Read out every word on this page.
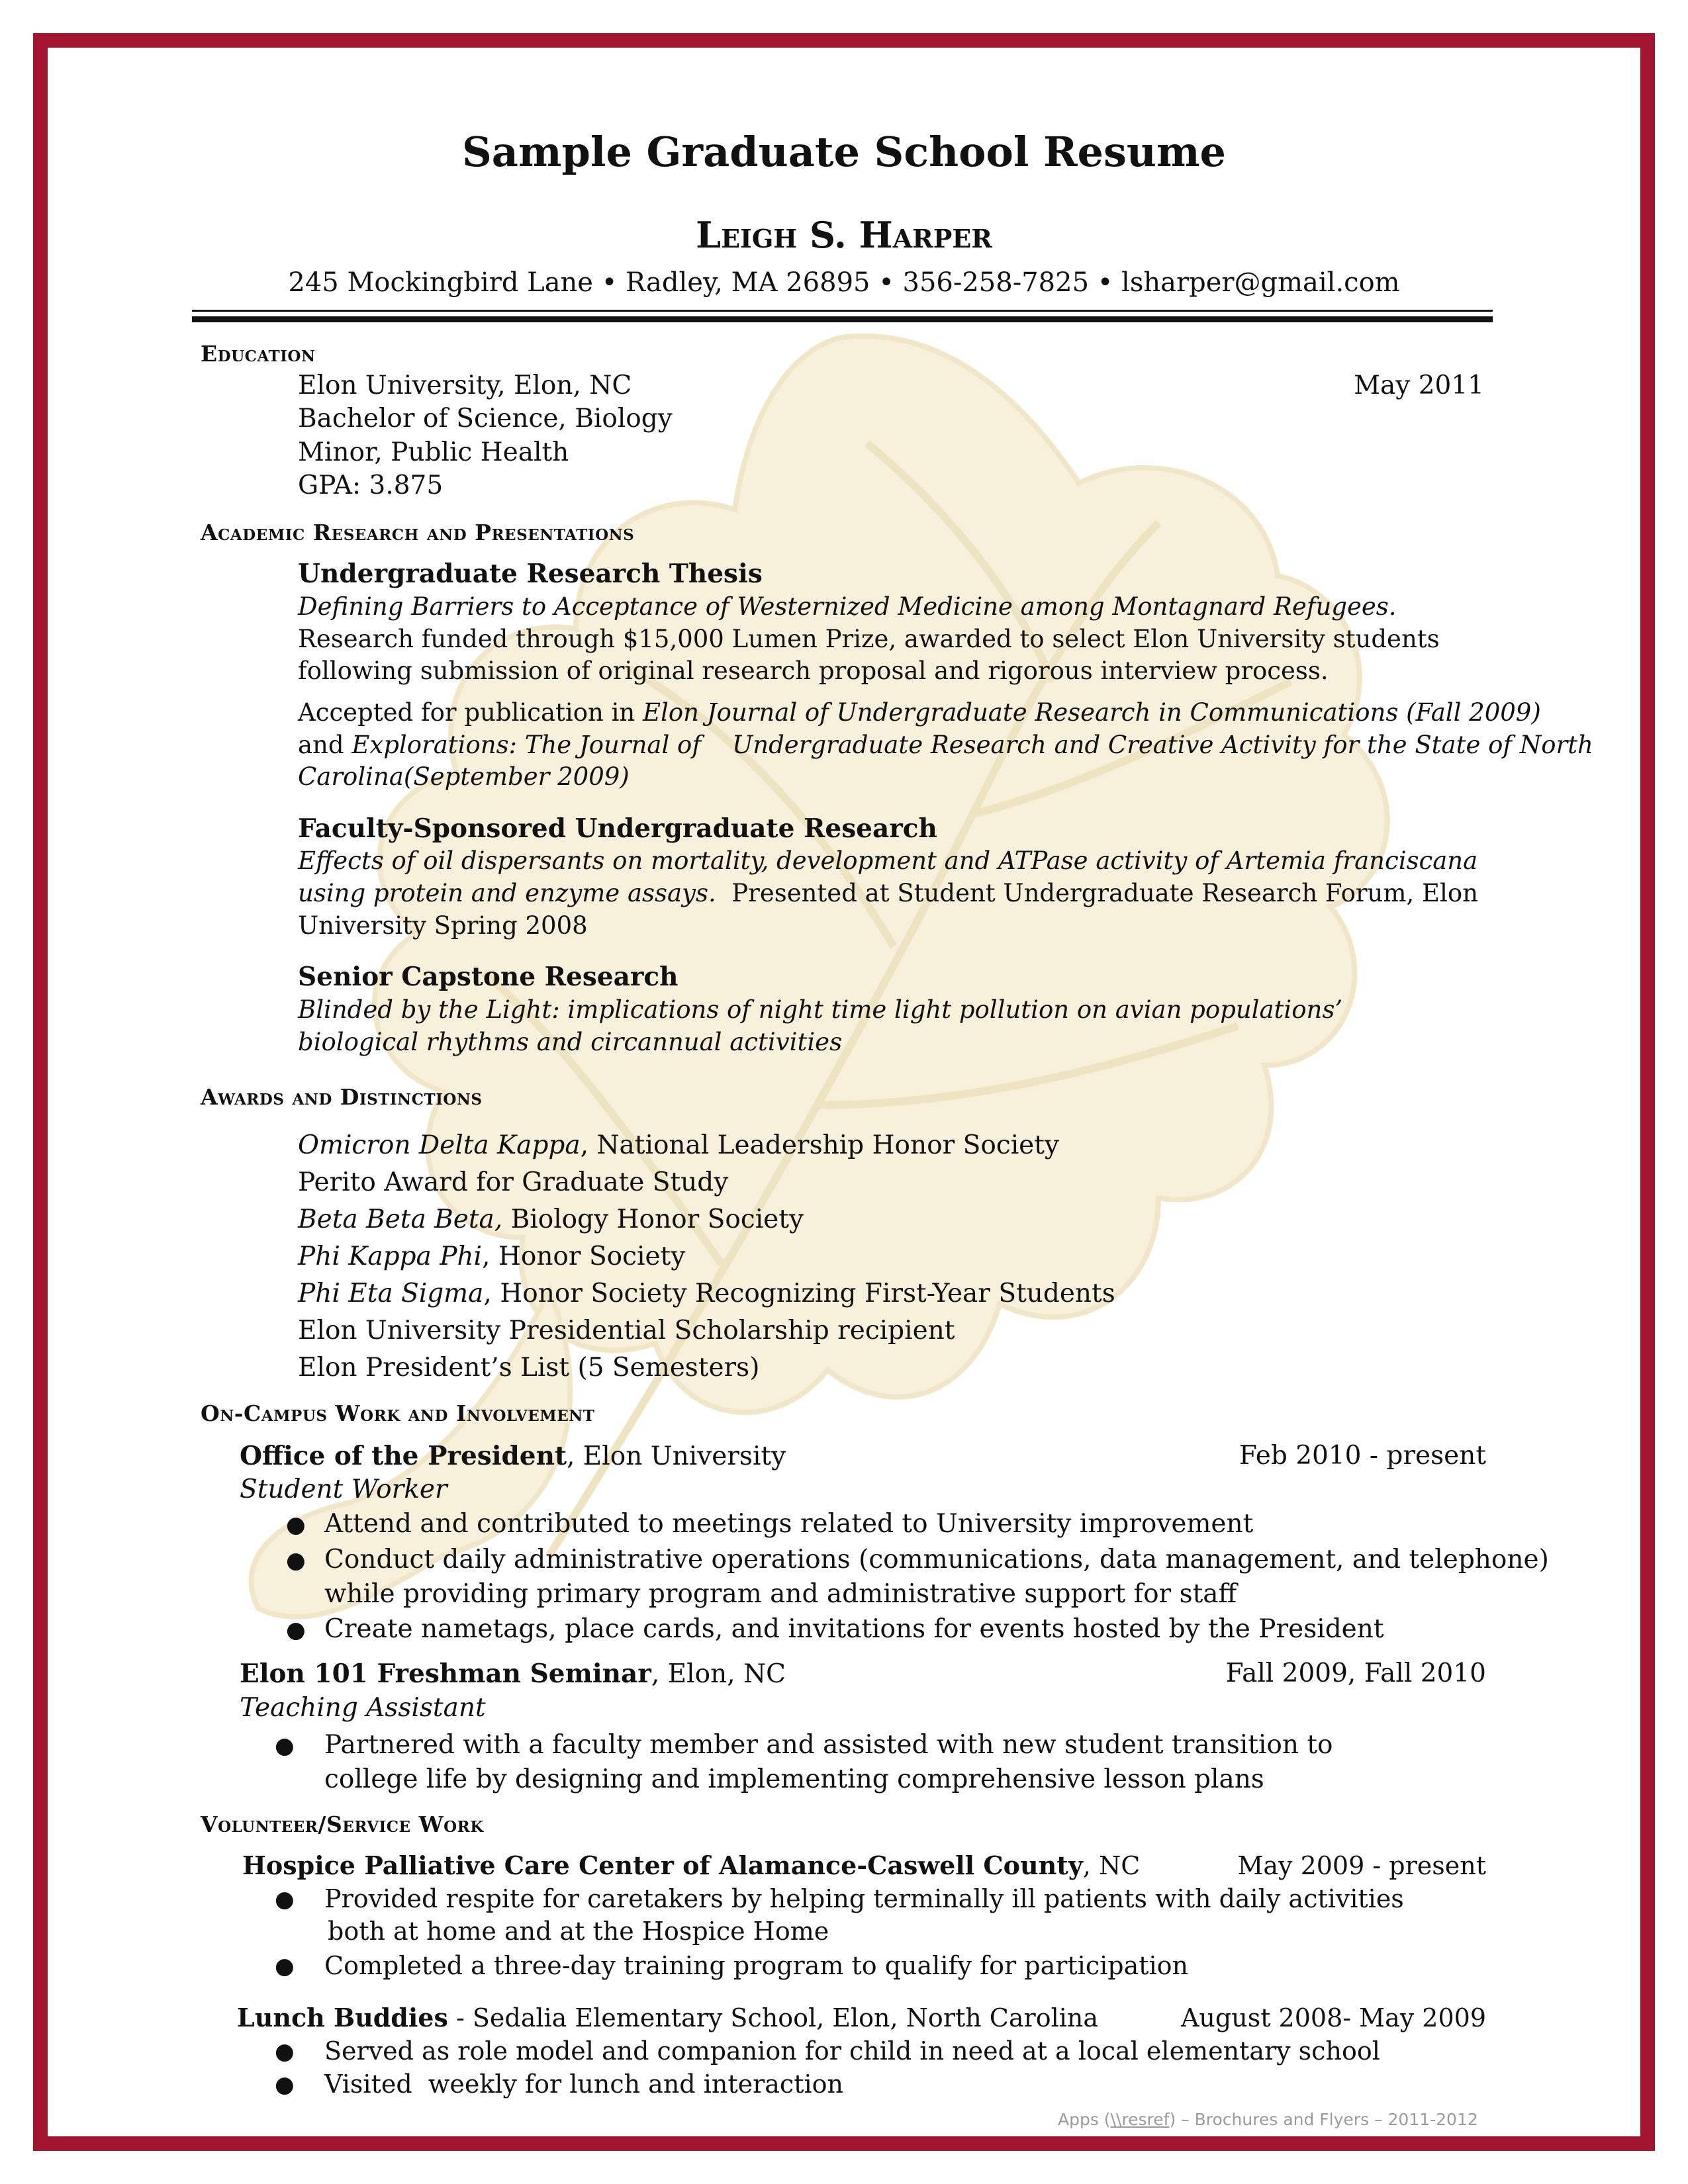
Sample Graduate School Resume
Leigh S. Harper
245 Mockingbird Lane • Radley, MA 26895 • 356-258-7825 • lsharper@gmail.com
Education
Elon University, Elon, NC	May 2011
Bachelor of Science, Biology
Minor, Public Health
GPA: 3.875
Academic Research and Presentations
Undergraduate Research Thesis
Defining Barriers to Acceptance of Westernized Medicine among Montagnard Refugees.
Research funded through $15,000 Lumen Prize, awarded to select Elon University students
following submission of original research proposal and rigorous interview process.
Accepted for publication in Elon Journal of Undergraduate Research in Communications (Fall 2009)
and Explorations: The Journal of    Undergraduate Research and Creative Activity for the State of North
Carolina(September 2009)
Faculty-Sponsored Undergraduate Research
Effects of oil dispersants on mortality, development and ATPase activity of Artemia franciscana
using protein and enzyme assays.  Presented at Student Undergraduate Research Forum, Elon
University Spring 2008
Senior Capstone Research
Blinded by the Light: implications of night time light pollution on avian populations’
biological rhythms and circannual activities
Awards and Distinctions
Omicron Delta Kappa, National Leadership Honor Society
Perito Award for Graduate Study
Beta Beta Beta, Biology Honor Society
Phi Kappa Phi, Honor Society
Phi Eta Sigma, Honor Society Recognizing First-Year Students
Elon University Presidential Scholarship recipient
Elon President’s List (5 Semesters)
On-Campus Work and Involvement
Office of the President, Elon University	Feb 2010 - present
Student Worker
● Attend and contributed to meetings related to University improvement
● Conduct daily administrative operations (communications, data management, and telephone)
while providing primary program and administrative support for staff
● Create nametags, place cards, and invitations for events hosted by the President
Elon 101 Freshman Seminar, Elon, NC	Fall 2009, Fall 2010
Teaching Assistant
● Partnered with a faculty member and assisted with new student transition to
college life by designing and implementing comprehensive lesson plans
Volunteer/Service Work
Hospice Palliative Care Center of Alamance-Caswell County, NC	May 2009 - present
● Provided respite for caretakers by helping terminally ill patients with daily activities
both at home and at the Hospice Home
● Completed a three-day training program to qualify for participation
Lunch Buddies - Sedalia Elementary School, Elon, North Carolina	August 2008- May 2009
● Served as role model and companion for child in need at a local elementary school
● Visited  weekly for lunch and interaction
Apps (\\resref) – Brochures and Flyers – 2011-2012
